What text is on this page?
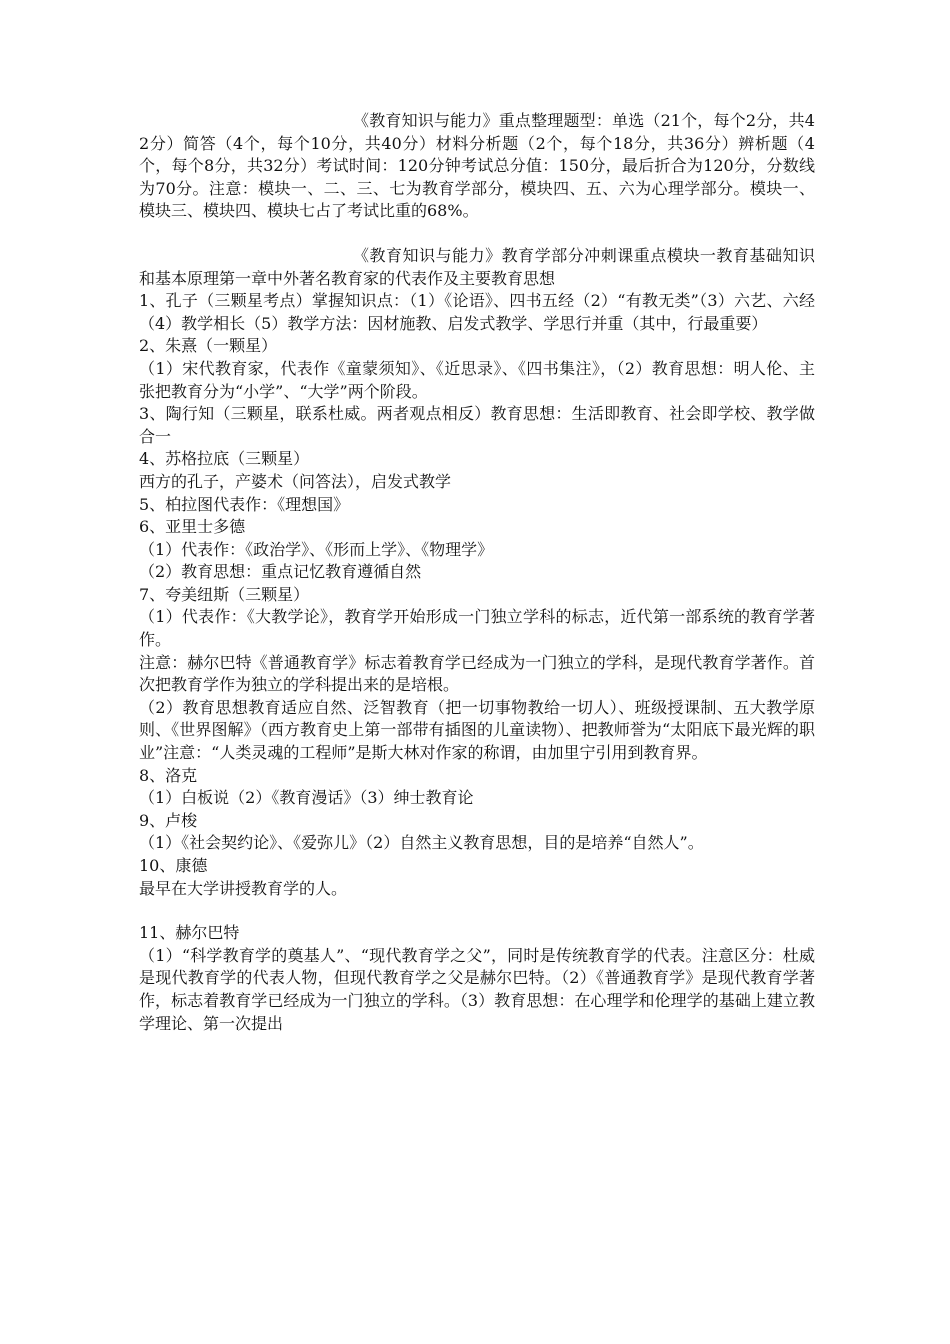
《教育知识与能力》重点整理题型：单选（21个，每个2分，共42分）简答（4个，每个10分，共40分）材料分析题（2个，每个18分，共36分）辨析题（4个，每个8分，共32分）考试时间：120分钟考试总分值：150分，最后折合为120分，分数线为70分。注意：模块一、二、三、七为教育学部分，模块四、五、六为心理学部分。模块一、模块三、模块四、模块七占了考试比重的68%。

《教育知识与能力》教育学部分冲刺课重点模块一教育基础知识和基本原理第一章中外著名教育家的代表作及主要教育思想

1、孔子（三颗星考点）掌握知识点：（1）《论语》、四书五经（2）“有教无类”（3）六艺、六经（4）教学相长（5）教学方法：因材施教、启发式教学、学思行并重（其中，行最重要）

2、朱熹（一颗星）

（1）宋代教育家，代表作《童蒙须知》、《近思录》、《四书集注》，（2）教育思想：明人伦、主张把教育分为“小学”、“大学”两个阶段。

3、陶行知（三颗星，联系杜威。两者观点相反）教育思想：生活即教育、社会即学校、教学做合一

4、苏格拉底（三颗星）

西方的孔子，产婆术（问答法），启发式教学

5、柏拉图代表作：《理想国》

6、亚里士多德

（1）代表作：《政治学》、《形而上学》、《物理学》

（2）教育思想：重点记忆教育遵循自然

7、夸美纽斯（三颗星）

（1）代表作：《大教学论》，教育学开始形成一门独立学科的标志，近代第一部系统的教育学著作。

注意：赫尔巴特《普通教育学》标志着教育学已经成为一门独立的学科，是现代教育学著作。首次把教育学作为独立的学科提出来的是培根。

（2）教育思想教育适应自然、泛智教育（把一切事物教给一切人）、班级授课制、五大教学原则、《世界图解》（西方教育史上第一部带有插图的儿童读物）、把教师誉为“太阳底下最光辉的职业”注意：“人类灵魂的工程师”是斯大林对作家的称谓，由加里宁引用到教育界。

8、洛克

（1）白板说（2）《教育漫话》（3）绅士教育论

9、卢梭

（1）《社会契约论》、《爱弥儿》（2）自然主义教育思想，目的是培养“自然人”。

10、康德

最早在大学讲授教育学的人。

11、赫尔巴特

（1）“科学教育学的奠基人”、“现代教育学之父”，同时是传统教育学的代表。注意区分：杜威是现代教育学的代表人物，但现代教育学之父是赫尔巴特。（2）《普通教育学》是现代教育学著作，标志着教育学已经成为一门独立的学科。（3）教育思想：在心理学和伦理学的基础上建立教学理论、第一次提出
